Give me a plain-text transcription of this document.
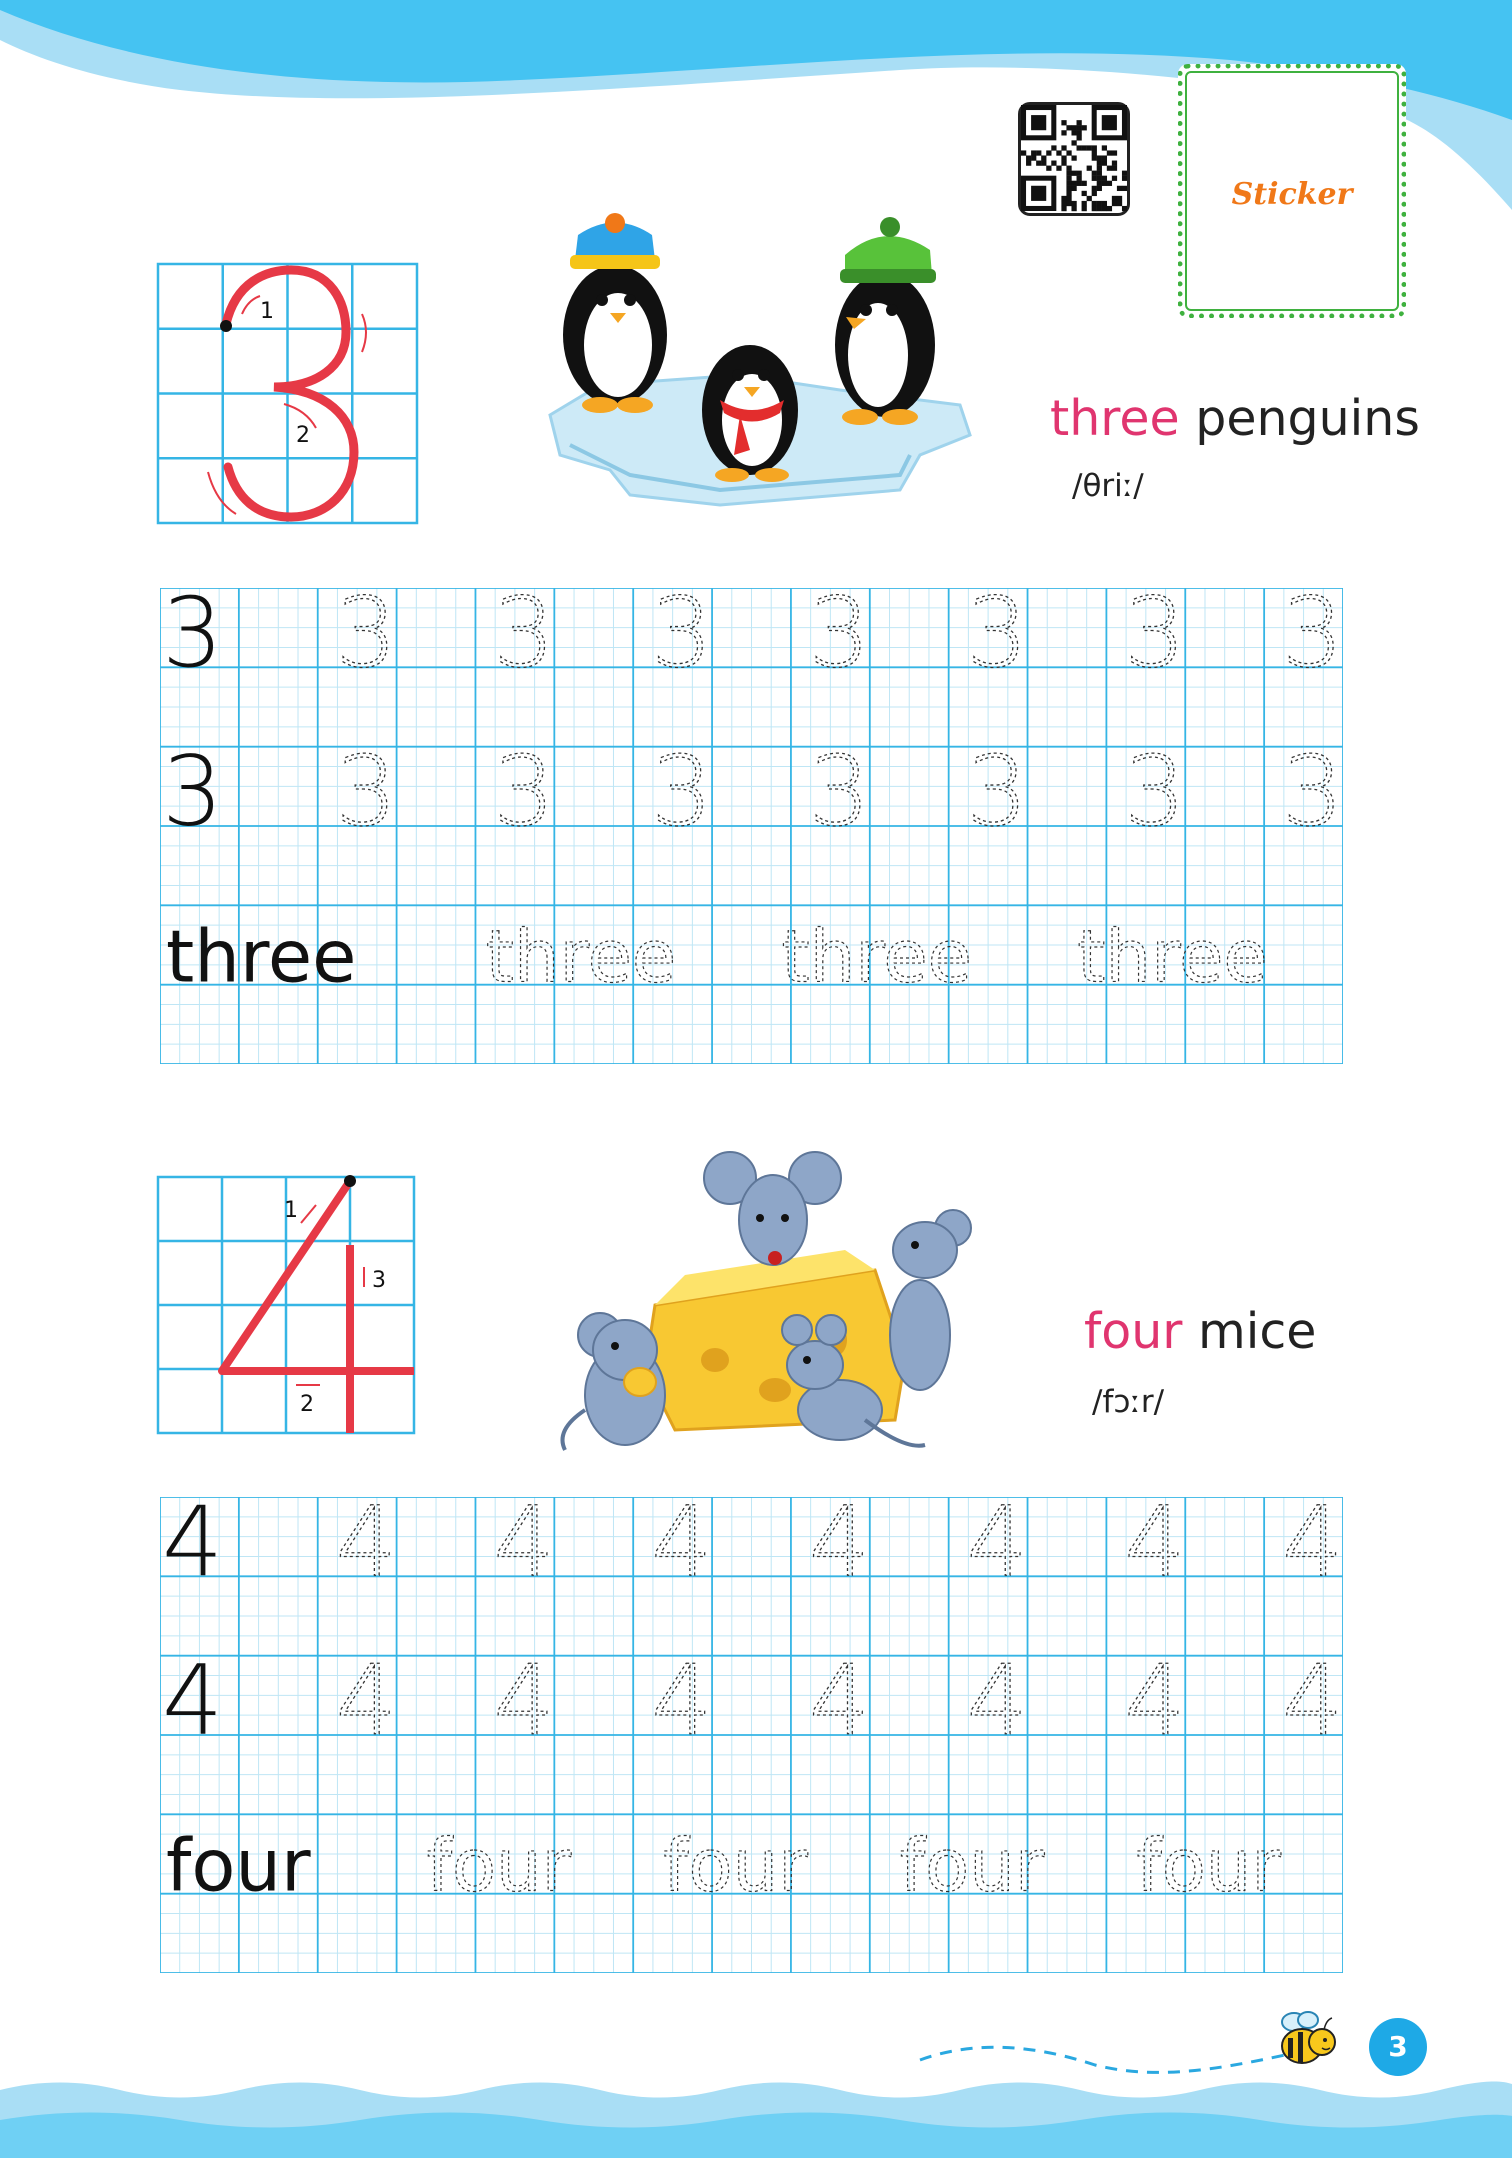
Sticker
1
2	three penguins
/θriː/
3 3 3 3 3 3 3 3
3 3 3 3 3 3 3 3
three three three three
1
2
3
four mice
/fɔːr/
4 4 4 4 4 4 4 4
4 4 4 4 4 4 4 4
four four four four four
3
